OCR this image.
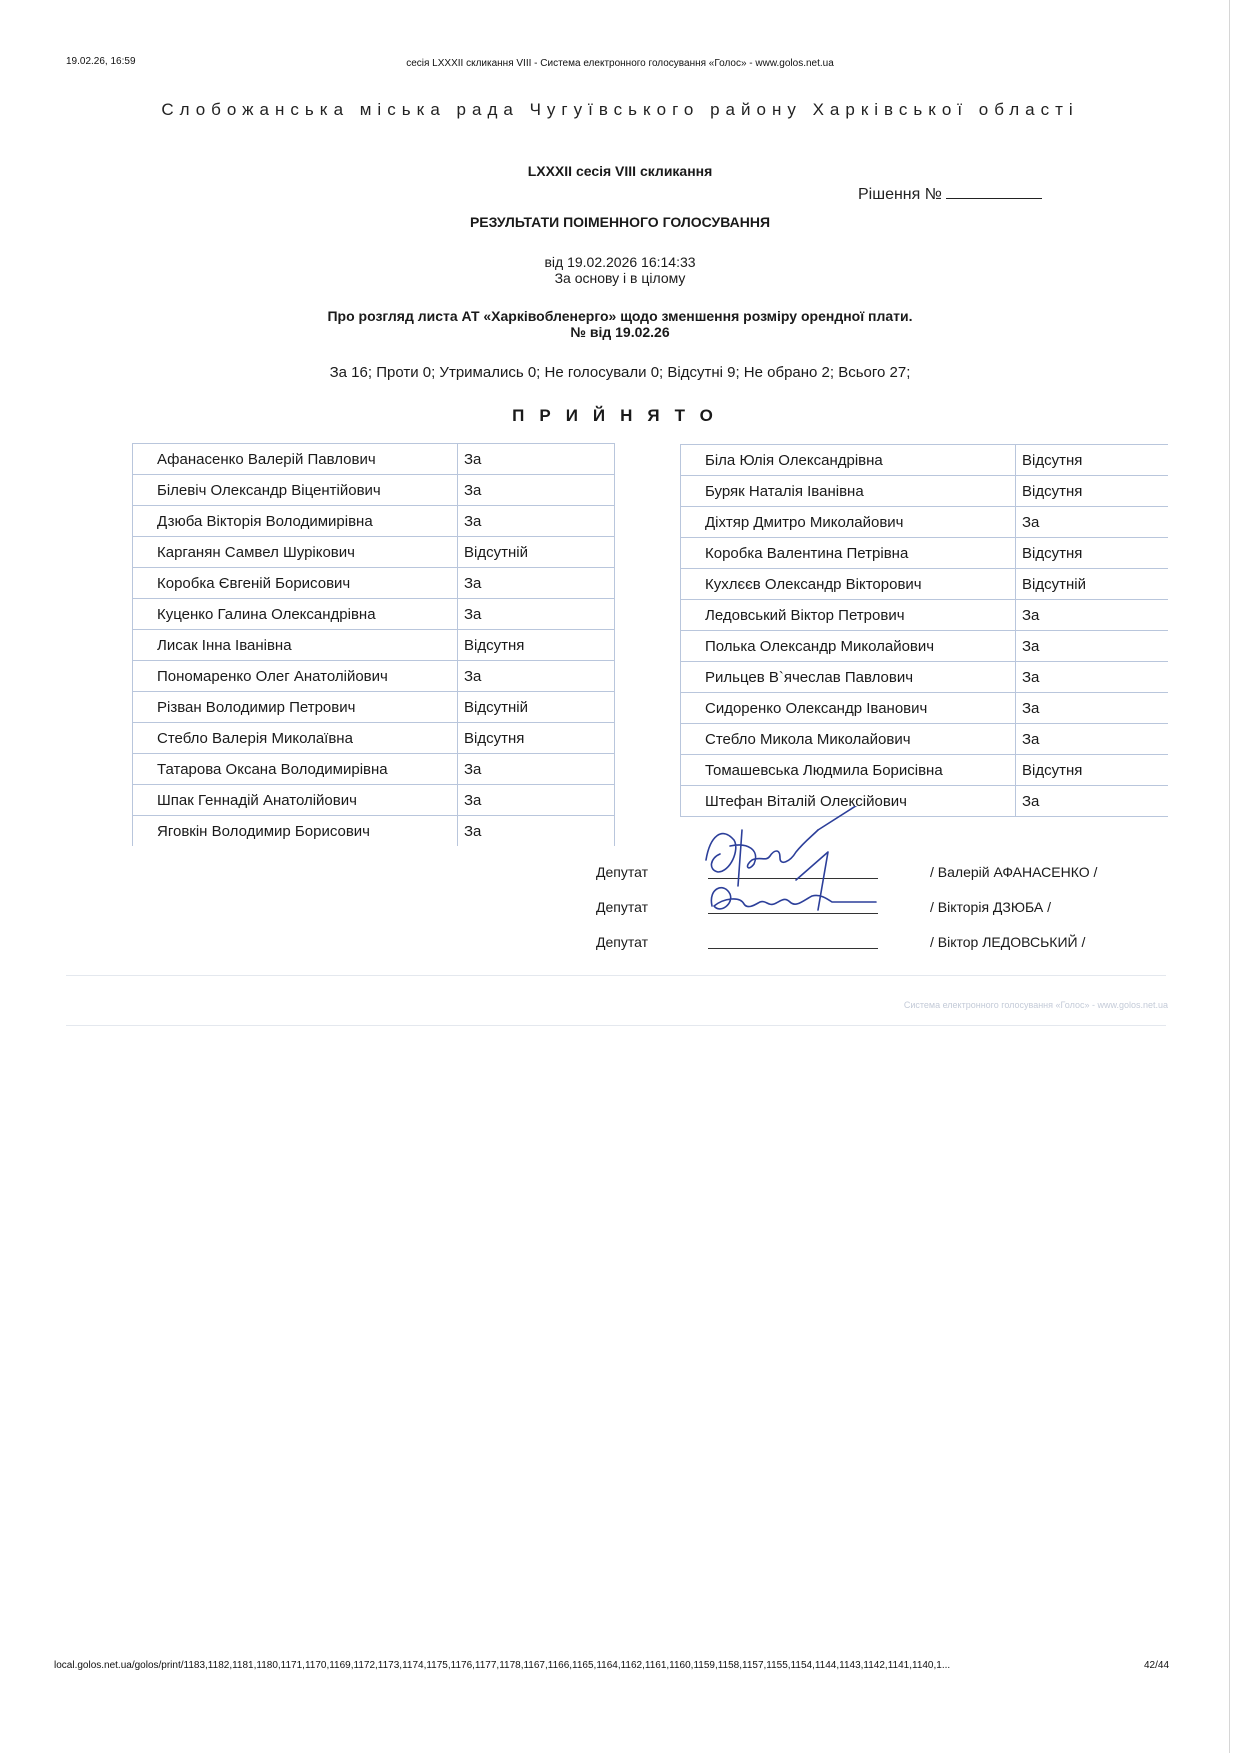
19.02.26, 16:59	сесія LXXXII скликання VIII - Система електронного голосування «Голос» - www.golos.net.ua
Слобожанська міська рада Чугуївського району Харківської області
LXXXII сесія VIII скликання
Рішення №
РЕЗУЛЬТАТИ ПОІМЕННОГО ГОЛОСУВАННЯ
від 19.02.2026 16:14:33
За основу і в цілому
Про розгляд листа АТ «Харківобленерго» щодо зменшення розміру орендної плати.
№ від 19.02.26
За 16; Проти 0; Утримались 0; Не голосували 0; Відсутні 9; Не обрано 2; Всього 27;
ПРИЙНЯТО
Афанасенко Валерій Павлович	За
Білевіч Олександр Віцентійович	За
Дзюба Вікторія Володимирівна	За
Карганян Самвел Шурікович	Відсутній
Коробка Євгеній Борисович	За
Куценко Галина Олександрівна	За
Лисак Інна Іванівна	Відсутня
Пономаренко Олег Анатолійович	За
Різван Володимир Петрович	Відсутній
Стебло Валерія Миколаївна	Відсутня
Татарова Оксана Володимирівна	За
Шпак Геннадій Анатолійович	За
Яговкін Володимир Борисович	За
Біла Юлія Олександрівна	Відсутня
Буряк Наталія Іванівна	Відсутня
Діхтяр Дмитро Миколайович	За
Коробка Валентина Петрівна	Відсутня
Кухлєєв Олександр Вікторович	Відсутній
Ледовський Віктор Петрович	За
Полька Олександр Миколайович	За
Рильцев В`ячеслав Павлович	За
Сидоренко Олександр Іванович	За
Стебло Микола Миколайович	За
Томашевська Людмила Борисівна	Відсутня
Штефан Віталій Олексійович	За
Депутат	/ Валерій АФАНАСЕНКО /
Депутат	/ Вікторія ДЗЮБА /
Депутат	/ Віктор ЛЕДОВСЬКИЙ /
Система електронного голосування «Голос» - www.golos.net.ua
local.golos.net.ua/golos/print/1183,1182,1181,1180,1171,1170,1169,1172,1173,1174,1175,1176,1177,1178,1167,1166,1165,1164,1162,1161,1160,1159,1158,1157,1155,1154,1144,1143,1142,1141,1140,1...	42/44
